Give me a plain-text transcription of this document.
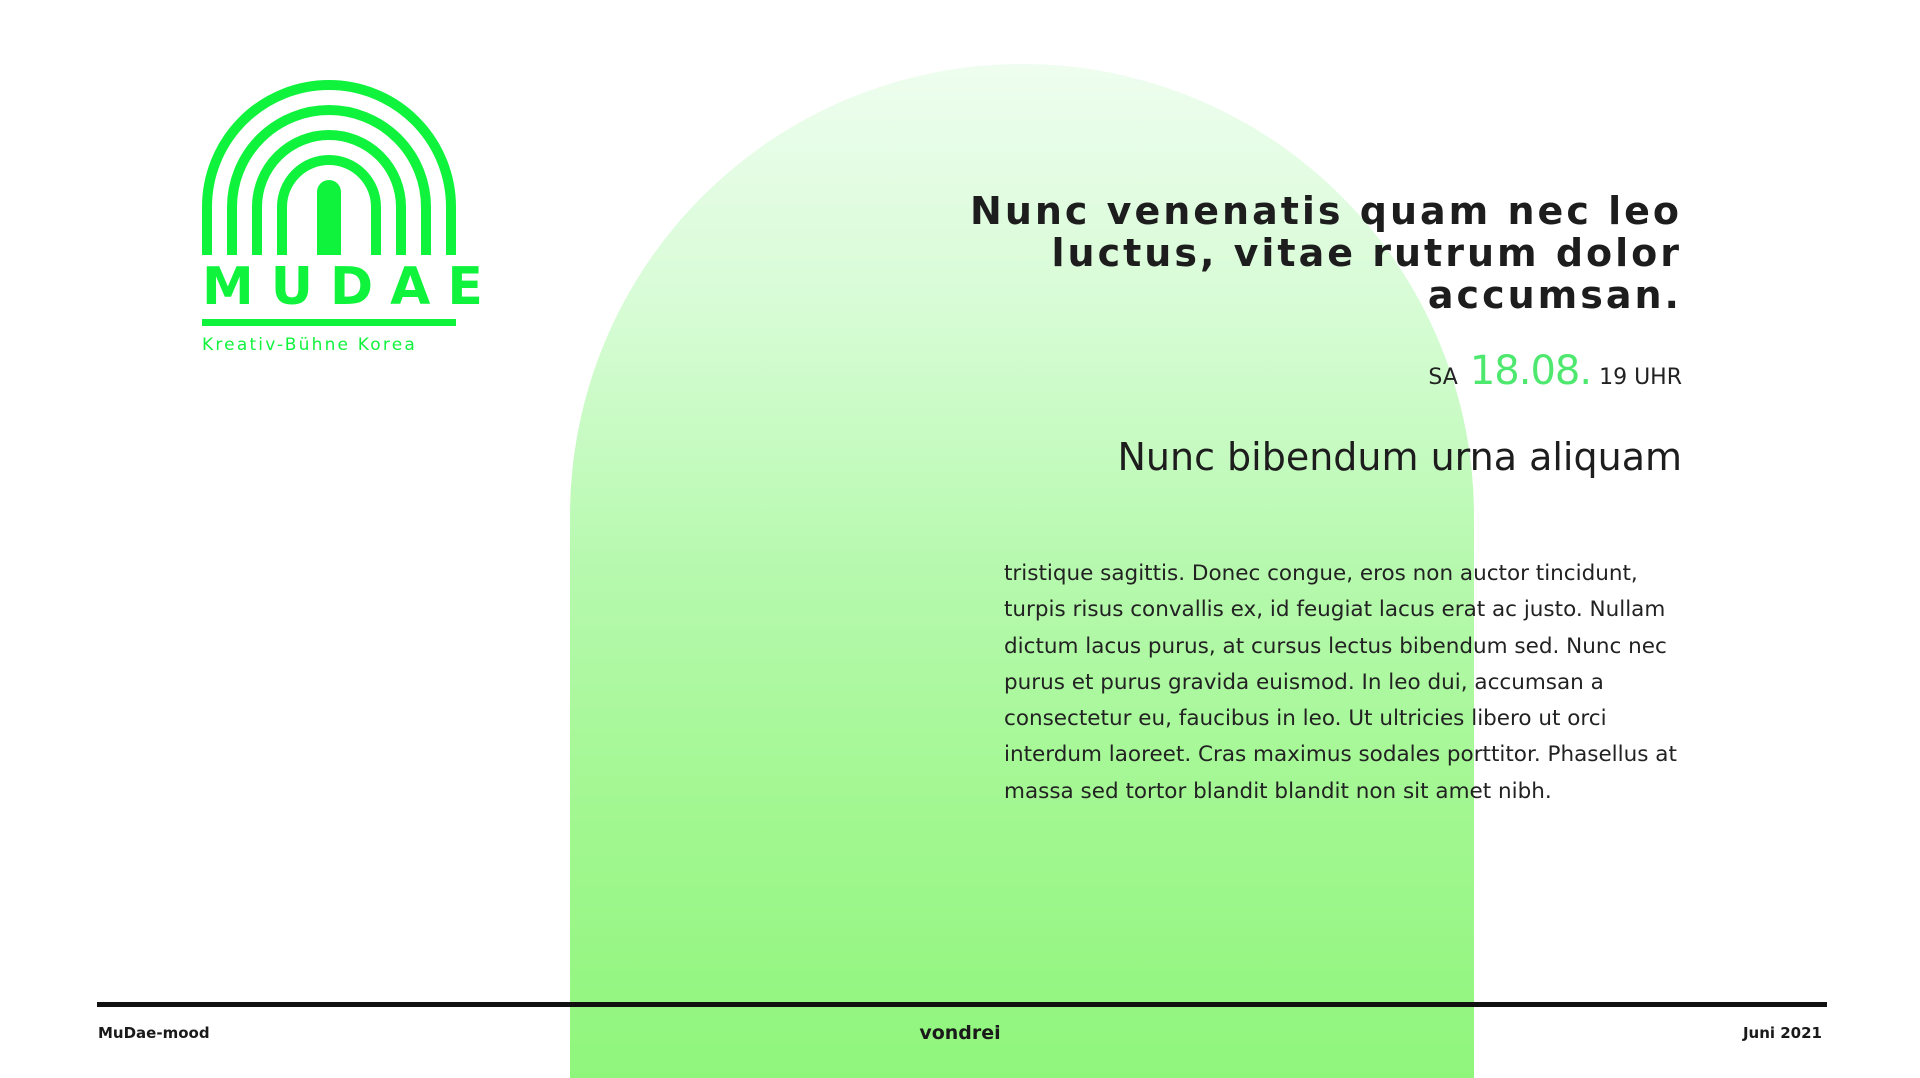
MUDAE
Kreativ-Bühne Korea
Nunc venenatis quam nec leo luctus, vitae rutrum dolor accumsan.
SA 18.08. 19 UHR
Nunc bibendum urna aliquam

tristique sagittis. Donec congue, eros non auctor tincidunt, turpis risus convallis ex, id feugiat lacus erat ac justo. Nullam dictum lacus purus, at cursus lectus bibendum sed. Nunc nec purus et purus gravida euismod. In leo dui, accumsan a consectetur eu, faucibus in leo. Ut ultricies libero ut orci interdum laoreet. Cras maximus sodales porttitor. Phasellus at massa sed tortor blandit blandit non sit amet nibh.

MuDae-mood	vondrei	Juni 2021
